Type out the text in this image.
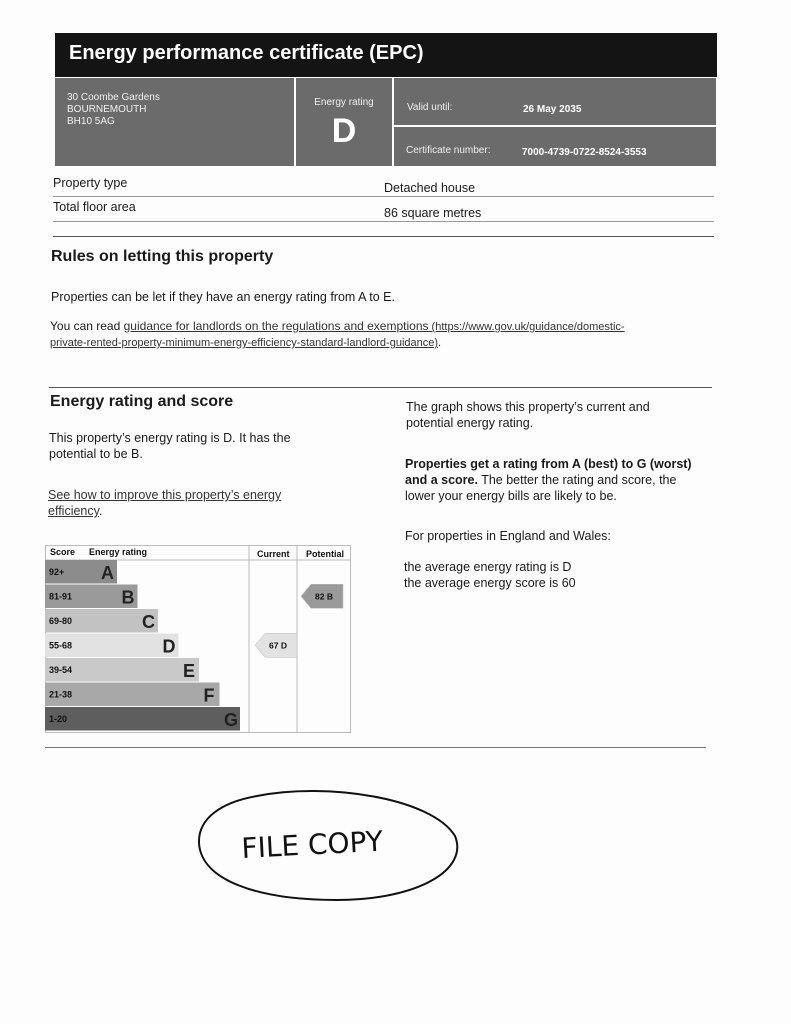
Energy performance certificate (EPC)
30 Coombe Gardens
BOURNEMOUTH
BH10 5AG
Energy rating
D
Valid until:	26 May 2035
Certificate number:	7000-4739-0722-8524-3553
Property type	Detached house
Total floor area	86 square metres
Rules on letting this property
Properties can be let if they have an energy rating from A to E.
You can read guidance for landlords on the regulations and exemptions (https://www.gov.uk/guidance/domestic-
private-rented-property-minimum-energy-efficiency-standard-landlord-guidance).
Energy rating and score
This property’s energy rating is D. It has the
potential to be B.
See how to improve this property’s energy
efficiency.
The graph shows this property’s current and
potential energy rating.
Properties get a rating from A (best) to G (worst)
and a score. The better the rating and score, the
lower your energy bills are likely to be.
For properties in England and Wales:
the average energy rating is D
the average energy score is 60
Score Energy rating	Current Potential
92+ A
81-91	B
69-80	C
55-68	D
39-54	E
21-38	F
1-20	G
67 D
82 B
FILE COPY
